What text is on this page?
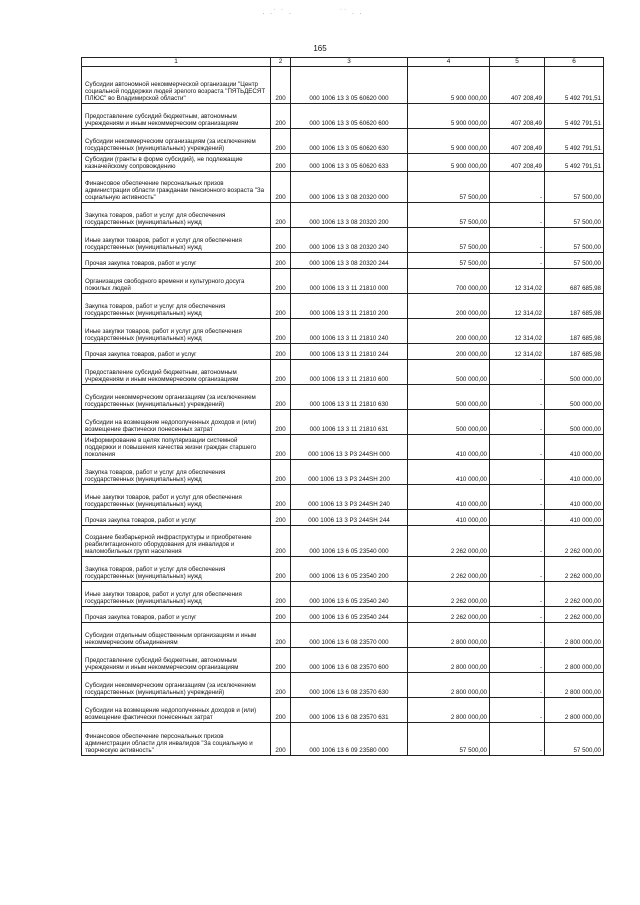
· ·˙ ˙ ·	˙˙ · ·
165
1	2	3	4	5	6
Субсидии автономной некоммерческой организации "Центр социальной поддержки людей зрелого возраста "ПЯТЬДЕСЯТ ПЛЮС" во Владимирской области"	200	000 1006 13 3 05 60620 000	5 900 000,00	407 208,49	5 492 791,51
Предоставление субсидий бюджетным, автономным учреждениям и иным некоммерческим организациям	200	000 1006 13 3 05 60620 600	5 900 000,00	407 208,49	5 492 791,51
Субсидии некоммерческим организациям (за исключением государственных (муниципальных) учреждений)	200	000 1006 13 3 05 60620 630	5 900 000,00	407 208,49	5 492 791,51
Субсидии (гранты в форме субсидий), не подлежащие казначейскому сопровождению	200	000 1006 13 3 05 60620 633	5 900 000,00	407 208,49	5 492 791,51
Финансовое обеспечение персональных призов администрации области гражданам пенсионного возраста "За социальную активность"	200	000 1006 13 3 08 20320 000	57 500,00	-	57 500,00
Закупка товаров, работ и услуг для обеспечения государственных (муниципальных) нужд	200	000 1006 13 3 08 20320 200	57 500,00	-	57 500,00
Иные закупки товаров, работ и услуг для обеспечения государственных (муниципальных) нужд	200	000 1006 13 3 08 20320 240	57 500,00	-	57 500,00
Прочая закупка товаров, работ и услуг	200	000 1006 13 3 08 20320 244	57 500,00	-	57 500,00
Организация свободного времени и культурного досуга пожилых людей	200	000 1006 13 3 11 21810 000	700 000,00	12 314,02	687 685,98
Закупка товаров, работ и услуг для обеспечения государственных (муниципальных) нужд	200	000 1006 13 3 11 21810 200	200 000,00	12 314,02	187 685,98
Иные закупки товаров, работ и услуг для обеспечения государственных (муниципальных) нужд	200	000 1006 13 3 11 21810 240	200 000,00	12 314,02	187 685,98
Прочая закупка товаров, работ и услуг	200	000 1006 13 3 11 21810 244	200 000,00	12 314,02	187 685,98
Предоставление субсидий бюджетным, автономным учреждениям и иным некоммерческим организациям	200	000 1006 13 3 11 21810 600	500 000,00	-	500 000,00
Субсидии некоммерческим организациям (за исключением государственных (муниципальных) учреждений)	200	000 1006 13 3 11 21810 630	500 000,00	-	500 000,00
Субсидии на возмещение недополученных доходов и (или) возмещение фактически понесенных затрат	200	000 1006 13 3 11 21810 631	500 000,00	-	500 000,00
Информирование в целях популяризации системной поддержки и повышения качества жизни граждан старшего поколения	200	000 1006 13 3 P3 244SH 000	410 000,00	-	410 000,00
Закупка товаров, работ и услуг для обеспечения государственных (муниципальных) нужд	200	000 1006 13 3 P3 244SH 200	410 000,00	-	410 000,00
Иные закупки товаров, работ и услуг для обеспечения государственных (муниципальных) нужд	200	000 1006 13 3 P3 244SH 240	410 000,00	-	410 000,00
Прочая закупка товаров, работ и услуг	200	000 1006 13 3 P3 244SH 244	410 000,00	-	410 000,00
Создание безбарьерной инфраструктуры и приобретение реабилитационного оборудования для инвалидов и маломобильных групп населения	200	000 1006 13 6 05 23540 000	2 262 000,00	-	2 262 000,00
Закупка товаров, работ и услуг для обеспечения государственных (муниципальных) нужд	200	000 1006 13 6 05 23540 200	2 262 000,00	-	2 262 000,00
Иные закупки товаров, работ и услуг для обеспечения государственных (муниципальных) нужд	200	000 1006 13 6 05 23540 240	2 262 000,00	-	2 262 000,00
Прочая закупка товаров, работ и услуг	200	000 1006 13 6 05 23540 244	2 262 000,00	-	2 262 000,00
Субсидии отдельным общественным организациям и иным некоммерческим объединениям	200	000 1006 13 6 08 23570 000	2 800 000,00	-	2 800 000,00
Предоставление субсидий бюджетным, автономным учреждениям и иным некоммерческим организациям	200	000 1006 13 6 08 23570 600	2 800 000,00	-	2 800 000,00
Субсидии некоммерческим организациям (за исключением государственных (муниципальных) учреждений)	200	000 1006 13 6 08 23570 630	2 800 000,00	-	2 800 000,00
Субсидии на возмещение недополученных доходов и (или) возмещение фактически понесенных затрат	200	000 1006 13 6 08 23570 631	2 800 000,00	-	2 800 000,00
Финансовое обеспечение персональных призов администрации области для инвалидов "За социальную и творческую активность"	200	000 1006 13 6 09 23580 000	57 500,00	-	57 500,00
